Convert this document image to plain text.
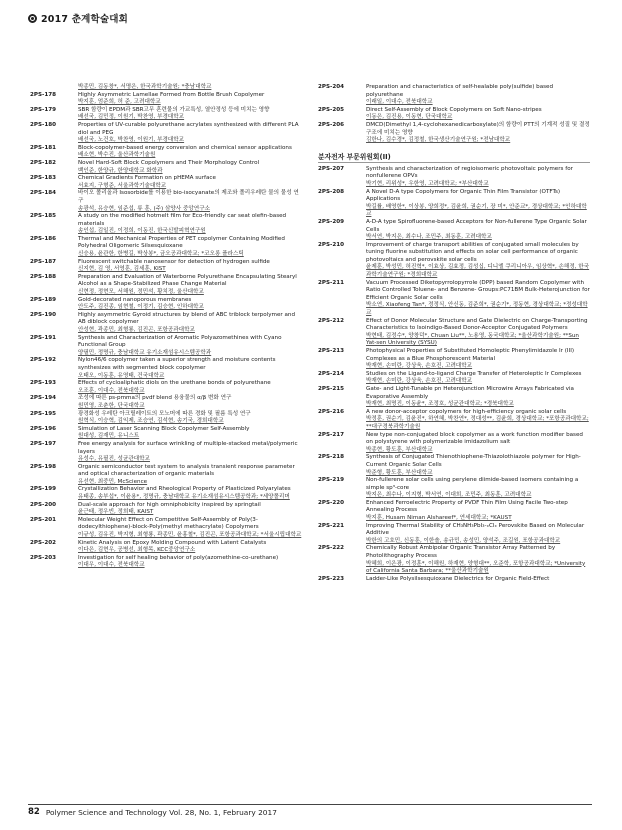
2017 춘계학술대회
박종민, 김동창*, 서명은, 한국과학기술원; *충남대학교
2PS-178	Highly Asymmetric Lamellae Formed from Bottle Brush Copolymer
박지훈, 엄준희, 허 준, 고려대학교
2PS-179	SBR 함량이 EPDM과 SBR고무 혼련물의 가교특성, 열안정성 등에 미치는 영향
배선국, 김민정, 이원기, 박찬영, 부경대학교
2PS-180	Properties of UV-curable polyurethane acrylates synthesized with different PLA diol and PEG
배선국, 노건호, 박찬영, 이원기, 부경대학교
2PS-181	Block-copolymer-based energy conversion and chemical sensor applications
배소현, 박수진, 울산과학기술원
2PS-182	Novel Hard-Soft Block Copolymers and Their Morphology Control
백인준, 한양규, 한양대학교 화학과
2PS-183	Chemical Gradients Formation on pHEMA surface
서효지, 구형준, 서울과학기술대학교
2PS-184	바이오 폴리올과 Isosorbide를 이용한 bio-isocyanate의 제조와 폴리우레탄 물의 물성 연구
송광석, 유승현, 임준섭, 류 훈, (주) 삼양사 중앙연구소
2PS-185	A study on the modified hotmelt film for Eco-friendly car seat olefin-based materials
송인섭, 김일진, 이정희, 이동진, 한국신발피혁연구원
2PS-186	Thermal and Mechanical Properties of PET copolymer Containing Modified Polyhedral Oligomeric Silsesquioxane
신승용, 윤관한, 한병길, 박상봉*, 금오공과대학교; *코오롱 플라스틱
2PS-187	Fluorescent switchable nanosensor for detection of hydrogen sulfide
신지현, 김 영, 서영훈, 김세훈, KIST
2PS-188	Preparation and Evaluation of Waterborne Polyurethane Encapsulating Stearyl Alcohol as a Shape-Stabilized Phase Change Material
신현정, 정현모, 서해원, 정민석, 황치정, 울산대학교
2PS-189	Gold-decorated nanoporous membranes
안도주, 김진종, 임현철, 이정기, 김승현, 인하대학교
2PS-190	Highly asymmetric Gyroid structures by blend of ABC triblock terpolymer and AB diblock copolymer
안성현, 곽종민, 최형룡, 김진곤, 포항공과대학교
2PS-191	Synthesis and Characterization of Aromatic Polyazomethines with Cyano Functional Group
양필민, 정명규, 충남대학교 유기소재섬유시스템공학과
2PS-192	Nylon46/6 copolymer taken a superior strength and moisture contents synthesizes with segmented block copolymer
오태오, 이동훈, 유영태, 건국대학교
2PS-193	Effects of cycloaliphatic diols on the urethane bonds of polyurethane
오조훈, 이대수, 전북대학교
2PS-194	조성에 따른 ps-pmma의 pvdf blend 용융물의 α/β 변화 연구
원민영, 조춘한, 단국대학교
2PS-195	광경화성 우레탄 아크릴레이트의 모노머에 따른 경화 및 필름 특성 연구
원혁식, 이승혁, 김익제, 조승연, 김석현, 송기국, 경희대학교
2PS-196	Simulation of Laser Scanning Block Copolymer Self-Assembly
원대성, 김재민, 유니스트
2PS-197	Free energy analysis for surface wrinkling of multiple-stacked metal/polymeric layers
유성수, 유필진, 성균관대학교
2PS-198	Organic semiconductor test system to analysis transient response parameter and optical characterization of organic materials
유선현, 최중민, McScience
2PS-199	Crystallization Behavior and Rheological Property of Plasticized Polyarylates
유태종, 송부섭*, 이윤용*, 정명규, 충남대학교 유기소재섬유시스템공학과; *세양폴리머
2PS-200	Dual-scale approach for high omniphobicity inspired by springtail
윤근태, 정우빈, 정희태, KAIST
2PS-201	Molecular Weight Effect on Competitive Self-Assembly of Poly(3-dodecylthiophene)-block-Poly(methyl methacrylate) Copolymers
이규성, 김유진, 박지형, 최형룡, 곽종민, 윤홍철*, 김진곤, 포항공과대학교; *서울시립대학교
2PS-202	Kinetic Analysis on Epoxy Molding Compound with Latent Catalysts
이다은, 김현우, 공병선, 최형목, KCC중앙연구소
2PS-203	Investigation for self healing behavior of poly(azomethine-co-urethane)
이대우, 이대수, 전북대학교
2PS-204	Preparation and characteristics of self-healable poly(sulfide) based polyurethane
이래일, 이대수, 전북대학교
2PS-205	Direct Self-Assembly of Block Copolymers on Soft Nano-stripes
이동은, 김진용, 이동현, 단국대학교
2PS-206	DMCD(Dimethyl 1,4-cyclohexanedicarboxylate)의 함량이 PTT의 기계적 성질 및 결정구조에 미치는 영향
김한나, 김수경*, 김정철, 한국생산기술연구원; *전남대학교
분자전자 부문위원회(II)
2PS-207	Synthesis and characterization of regioisomeric photovoltaic polymers for nonfullerene OPVs
박기현, 리위성*, 우한영, 고려대학교; *부산대학교
2PS-208	A Novel D-A type Copolymers for Organic Thin Film Transistor (OTFTs) Applications
박길률, 배영한*, 이상봉, 양희정*, 김윤희, 권순기, 장 미*, 안준교*, 경상대학교; *인하대학교
2PS-209	A-D-A type Spirofluorene-based Acceptors for Non-fullerene Type Organic Solar Cells
박서연, 박지은, 최수나, 조민주, 최동훈, 고려대학교
2PS-210	Improvement of charge transport abilities of conjugated small molecules by tuning fluorine substitution and effects on solar cell performance of organic photovoltaics and perovskite solar cells
윤제훈, 박성민, 허진혁*, 이효상, 김효정, 김성십, 디니엘 쿠리니아우, 임상혁*, 손해정, 한국과학기술연구원; *경희대학교
2PS-211	Vacuum Processed Diketopyrrolopyrrole (DPP) based Random Copolymer with Ratio Controlled Toluene- and Benzene- Groups:PC71BM Bulk-Heterojunction for Efficient Organic Solar cells
박소연, Xiaofeng Tan*, 정정식, 안신동, 김준희*, 권순기*, 정동현, 경상대학교; *정성대학교
2PS-212	Effect of Donor Molecular Structure and Gate Dielectric on Charge-Transporting Characteristics to Isoindigo-Based Donor-Acceptor Conjugated Polymers
박현태, 김정수*, 양창덕*, Chuan Liu**, 노용영, 동국대학교; *울산과학기술원; **Sun Yat-sen University (SYSU)
2PS-213	Photophysical Properties of Substituted Homoleptic Phenylimidazole Ir (III) Complexes as a Blue Phosphorescent Material
박재현, 손미란, 강상욱, 손호진, 고려대학교
2PS-214	Studies on the Ligand-to-ligand Charge Transfer of Heteroleptic Ir Complexes
박재현, 손미란, 강상욱, 손호진, 고려대학교
2PS-215	Gate- and Light-Tunable pn Heterojunction Microwire Arrays Fabricated via Evaporative Assembly
박재현, 최명진, 이동윤*, 조정호, 성균관대학교; *경북대학교
2PS-216	A new donor-acceptor copolymers for high-efficiency organic solar cells
박정훈, 권순기, 김윤진*, 하연혜, 박찬연*, 정대성**, 김윤희, 경상대학교; *포항공과대학교; **대구경북과학기술원
2PS-217	New type non-conjugated block copolymer as a work function modifier based on polystyrene with polymerizable imidazolium salt
박종현, 황도훈, 부산대학교
2PS-218	Synthesis of Conjugated Thienothiophene-Thiazolothiazole polymer for High-Current Organic Solar Cells
박준형, 황도훈, 부산대학교
2PS-219	Non-fullerene solar cells using perylene diimide-based isomers containing a simple sp³-core
박지은, 최수나, 이지형, 박서연, 이대희, 조민주, 최동훈, 고려대학교
2PS-220	Enhanced Ferroelectric Property of PVDF Thin Film Using Facile Two-step Annealing Process
박지훈, Husam Niman Alshareef*, 연세대학교; *KAUST
2PS-221	Improving Thermal Stability of CH₃NH₃PbI₃-ₓClₓ Perovskite Based on Molecular Additive
박한의 고호민, 신동훈, 이한솔, 송규민, 송성민, 양석주, 조길원, 포항공과대학교
2PS-222	Chemically Robust Ambipolar Organic Transistor Array Patterned by Photolithography Process
박혜희, 이은광, 이정훈*, 이해원, 하재현, 양형대**, 오준학, 포항공과대학교; *University of California Santa Barbara; **울산과학기술원
2PS-223	Ladder-Like Polysilsesquioxane Dielectrics for Organic Field-Effect
82 Polymer Science and Technology Vol. 28, No. 1, February 2017
